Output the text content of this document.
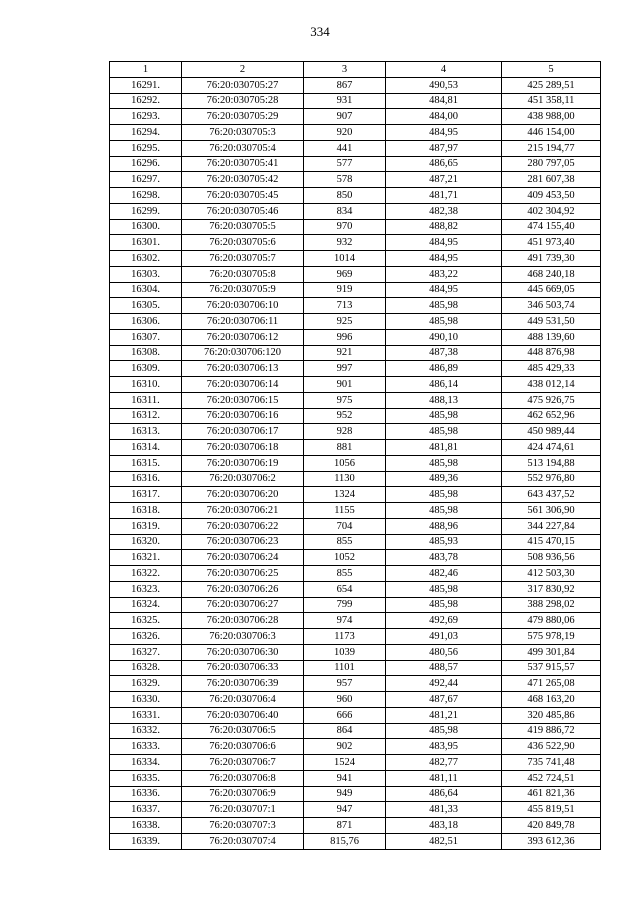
334
1	2	3	4	5
16291.	76:20:030705:27	867	490,53	425 289,51
16292.	76:20:030705:28	931	484,81	451 358,11
16293.	76:20:030705:29	907	484,00	438 988,00
16294.	76:20:030705:3	920	484,95	446 154,00
16295.	76:20:030705:4	441	487,97	215 194,77
16296.	76:20:030705:41	577	486,65	280 797,05
16297.	76:20:030705:42	578	487,21	281 607,38
16298.	76:20:030705:45	850	481,71	409 453,50
16299.	76:20:030705:46	834	482,38	402 304,92
16300.	76:20:030705:5	970	488,82	474 155,40
16301.	76:20:030705:6	932	484,95	451 973,40
16302.	76:20:030705:7	1014	484,95	491 739,30
16303.	76:20:030705:8	969	483,22	468 240,18
16304.	76:20:030705:9	919	484,95	445 669,05
16305.	76:20:030706:10	713	485,98	346 503,74
16306.	76:20:030706:11	925	485,98	449 531,50
16307.	76:20:030706:12	996	490,10	488 139,60
16308.	76:20:030706:120	921	487,38	448 876,98
16309.	76:20:030706:13	997	486,89	485 429,33
16310.	76:20:030706:14	901	486,14	438 012,14
16311.	76:20:030706:15	975	488,13	475 926,75
16312.	76:20:030706:16	952	485,98	462 652,96
16313.	76:20:030706:17	928	485,98	450 989,44
16314.	76:20:030706:18	881	481,81	424 474,61
16315.	76:20:030706:19	1056	485,98	513 194,88
16316.	76:20:030706:2	1130	489,36	552 976,80
16317.	76:20:030706:20	1324	485,98	643 437,52
16318.	76:20:030706:21	1155	485,98	561 306,90
16319.	76:20:030706:22	704	488,96	344 227,84
16320.	76:20:030706:23	855	485,93	415 470,15
16321.	76:20:030706:24	1052	483,78	508 936,56
16322.	76:20:030706:25	855	482,46	412 503,30
16323.	76:20:030706:26	654	485,98	317 830,92
16324.	76:20:030706:27	799	485,98	388 298,02
16325.	76:20:030706:28	974	492,69	479 880,06
16326.	76:20:030706:3	1173	491,03	575 978,19
16327.	76:20:030706:30	1039	480,56	499 301,84
16328.	76:20:030706:33	1101	488,57	537 915,57
16329.	76:20:030706:39	957	492,44	471 265,08
16330.	76:20:030706:4	960	487,67	468 163,20
16331.	76:20:030706:40	666	481,21	320 485,86
16332.	76:20:030706:5	864	485,98	419 886,72
16333.	76:20:030706:6	902	483,95	436 522,90
16334.	76:20:030706:7	1524	482,77	735 741,48
16335.	76:20:030706:8	941	481,11	452 724,51
16336.	76:20:030706:9	949	486,64	461 821,36
16337.	76:20:030707:1	947	481,33	455 819,51
16338.	76:20:030707:3	871	483,18	420 849,78
16339.	76:20:030707:4	815,76	482,51	393 612,36
